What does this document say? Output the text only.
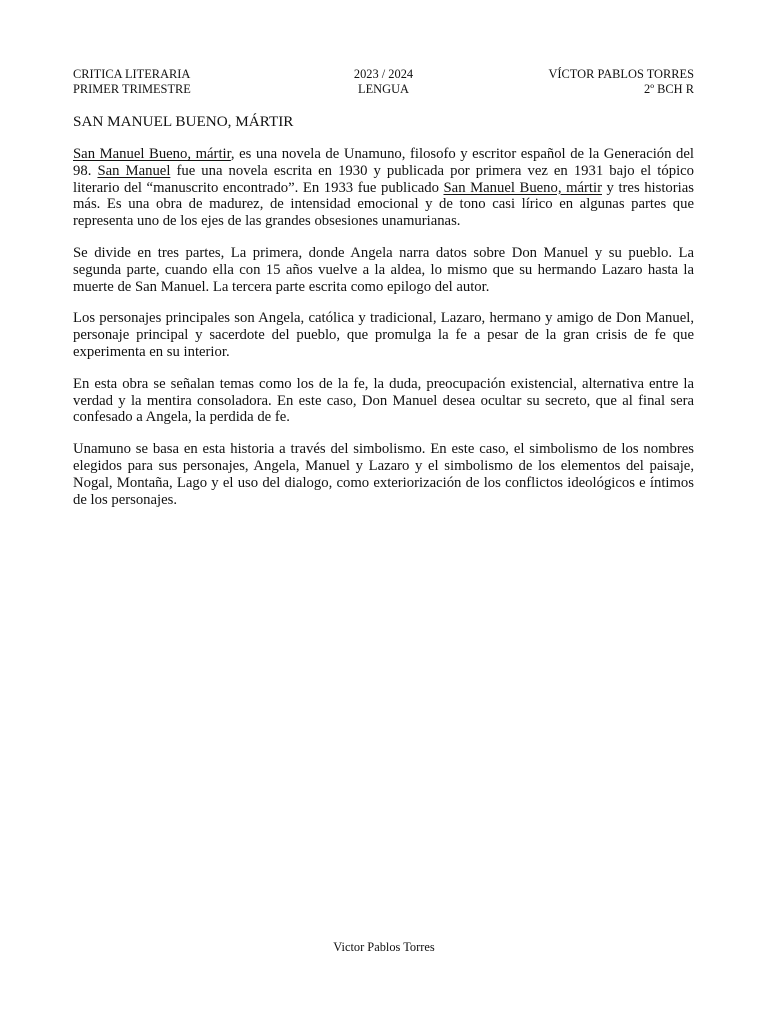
CRITICA LITERARIA
PRIMER TRIMESTRE
2023 / 2024
LENGUA
VÍCTOR PABLOS TORRES
2º BCH R
SAN MANUEL BUENO, MÁRTIR

San Manuel Bueno, mártir, es una novela de Unamuno, filosofo y escritor español de la Generación del 98. San Manuel fue una novela escrita en 1930 y publicada por primera vez en 1931 bajo el tópico literario del “manuscrito encontrado”. En 1933 fue publicado San Manuel Bueno, mártir y tres historias más. Es una obra de madurez, de intensidad emocional y de tono casi lírico en algunas partes que representa uno de los ejes de las grandes obsesiones unamurianas.

Se divide en tres partes, La primera, donde Angela narra datos sobre Don Manuel y su pueblo. La segunda parte, cuando ella con 15 años vuelve a la aldea, lo mismo que su hermando Lazaro hasta la muerte de San Manuel. La tercera parte escrita como epilogo del autor.

Los personajes principales son Angela, católica y tradicional, Lazaro, hermano y amigo de Don Manuel, personaje principal y sacerdote del pueblo, que promulga la fe a pesar de la gran crisis de fe que experimenta en su interior.

En esta obra se señalan temas como los de la fe, la duda, preocupación existencial, alternativa entre la verdad y la mentira consoladora. En este caso, Don Manuel desea ocultar su secreto, que al final sera confesado a Angela, la perdida de fe.

Unamuno se basa en esta historia a través del simbolismo. En este caso, el simbolismo de los nombres elegidos para sus personajes, Angela, Manuel y Lazaro y el simbolismo de los elementos del paisaje, Nogal, Montaña, Lago y el uso del dialogo, como exteriorización de los conflictos ideológicos e íntimos de los personajes.

Victor Pablos Torres
